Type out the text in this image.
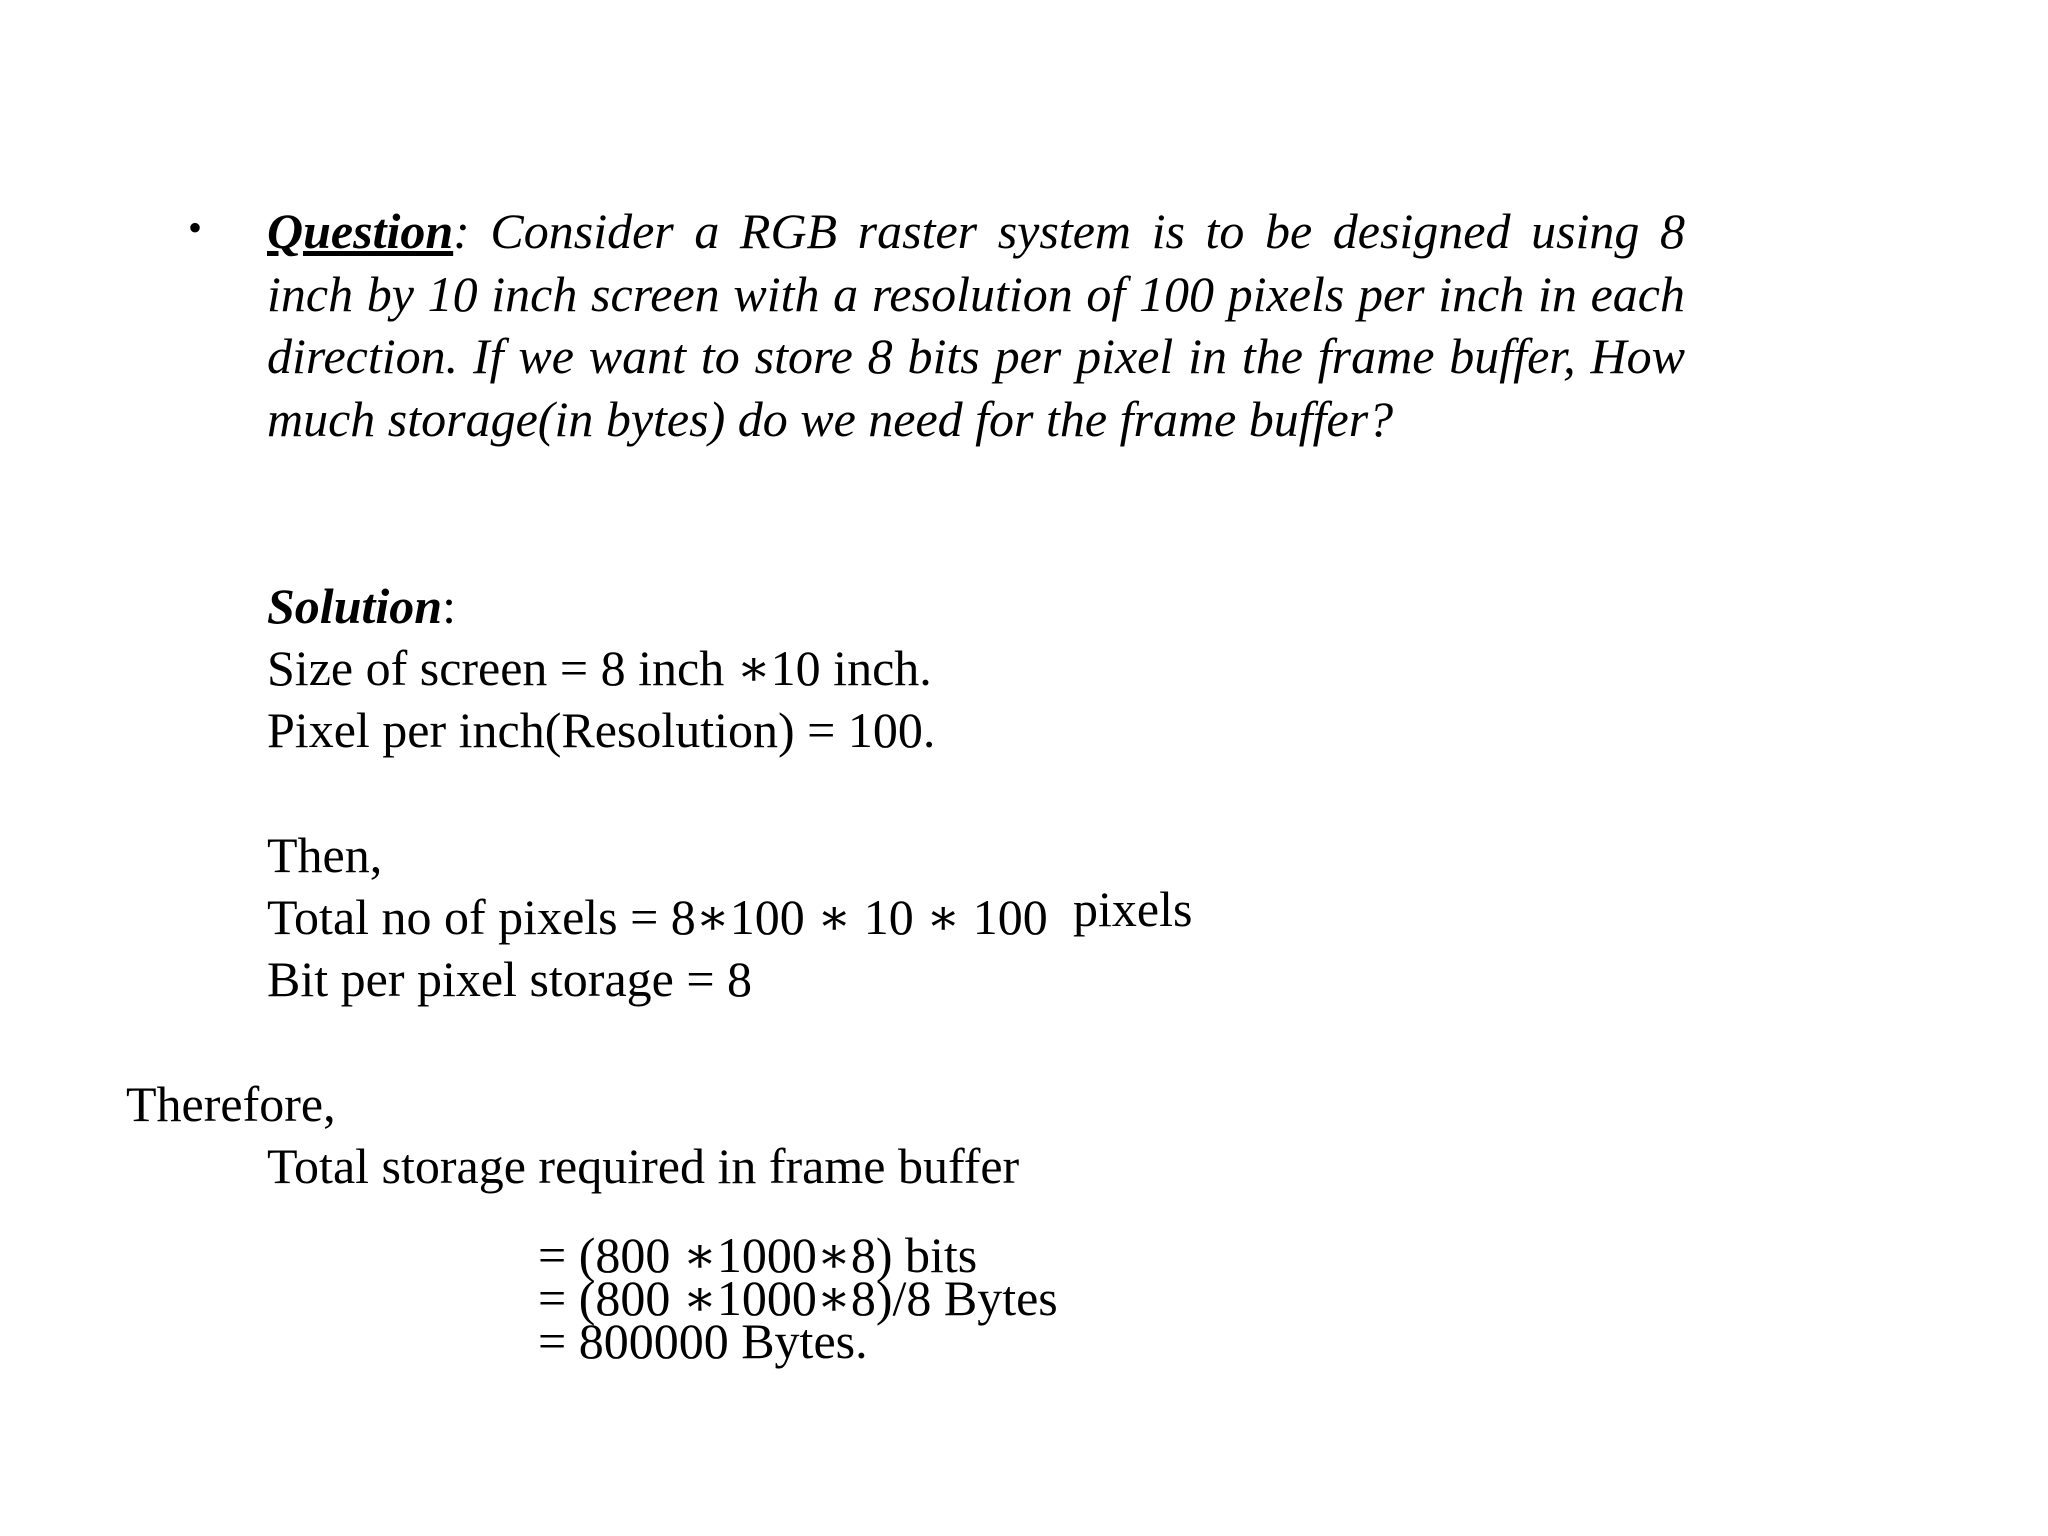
• Question: Consider a RGB raster system is to be designed using 8 inch by 10 inch screen with a resolution of 100 pixels per inch in each direction. If we want to store 8 bits per pixel in the frame buffer, How much storage(in bytes) do we need for the frame buffer?
Solution:
Size of screen = 8 inch ∗10 inch.
Pixel per inch(Resolution) = 100.
Then,
Total no of pixels = 8∗100 ∗ 10 ∗ 100 pixels
Bit per pixel storage = 8
Therefore,
Total storage required in frame buffer
= (800 ∗1000∗8) bits
= (800 ∗1000∗8)/8 Bytes
= 800000 Bytes.
